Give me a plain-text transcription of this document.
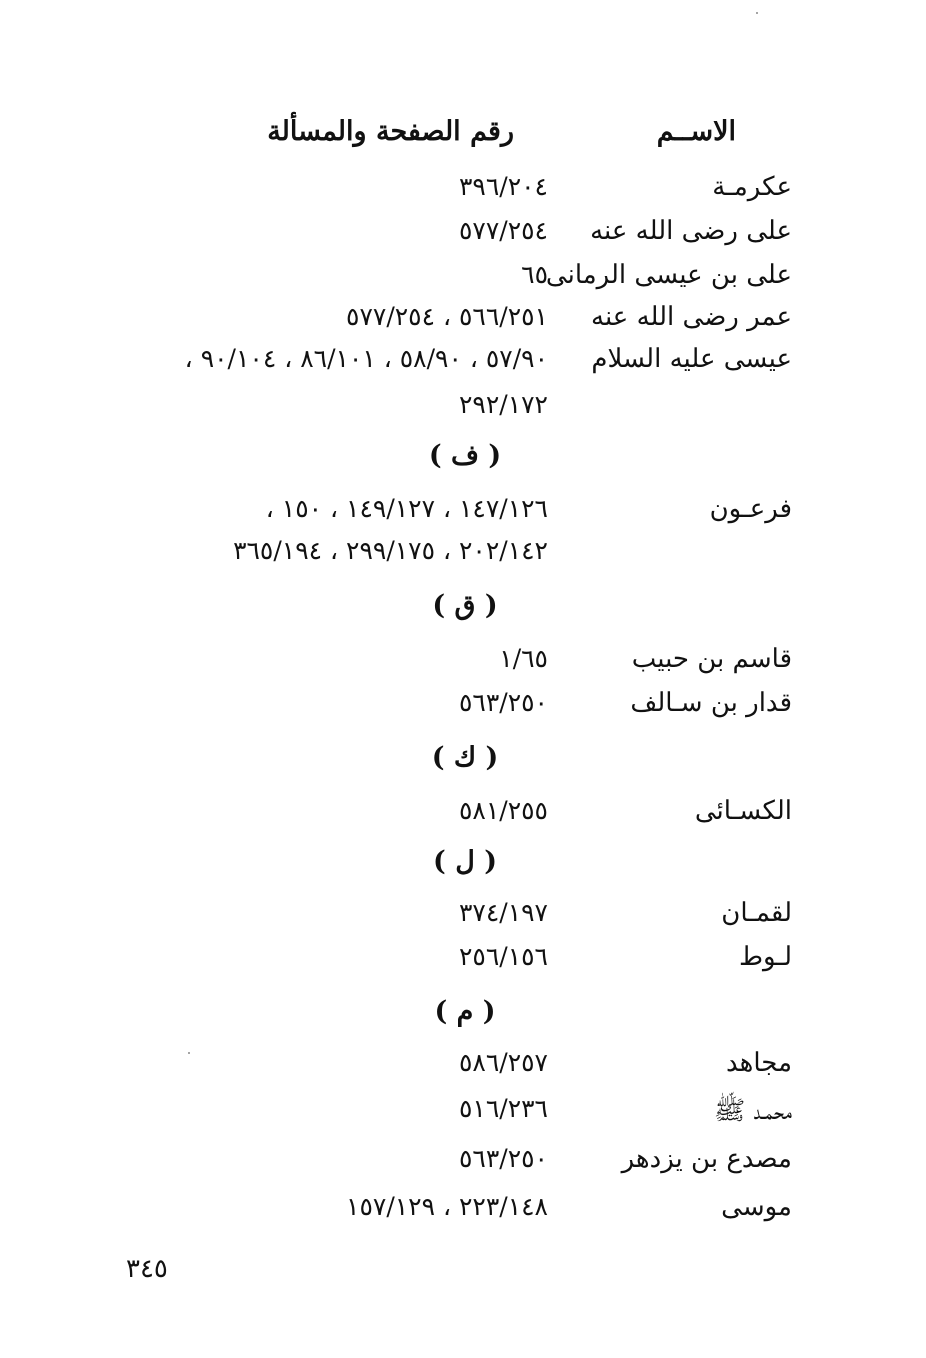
الاســم
رقم الصفحة والمسألة
عكرمـة
٣٩٦/٢٠٤
على رضى الله عنه
٥٧٧/٢٥٤
على بن عيسى الرمانى
٦٥
عمر رضى الله عنه
٥٦٦/٢٥١ ، ٥٧٧/٢٥٤
عيسى عليه السلام
٥٧/٩٠ ، ٥٨/٩٠ ، ٨٦/١٠١ ، ٩٠/١٠٤ ،
٢٩٢/١٧٢
( ف )
فرعـون
١٤٧/١٢٦ ، ١٤٩/١٢٧ ، ١٥٠ ،
٢٠٢/١٤٢ ، ٢٩٩/١٧٥ ، ٣٦٥/١٩٤
( ق )
قاسم بن حبيب
١/٦٥
قدار بن سـالف
٥٦٣/٢٥٠
( ك )
الكسـائى
٥٨١/٢٥٥
( ل )
لقمـان
٣٧٤/١٩٧
لـوط
٢٥٦/١٥٦
( م )
مجاهد
٥٨٦/٢٥٧
محمـد ﷺ
٥١٦/٢٣٦
مصدع بن يزدهر
٥٦٣/٢٥٠
موسى
٢٢٣/١٤٨ ، ١٥٧/١٢٩
٣٤٥
